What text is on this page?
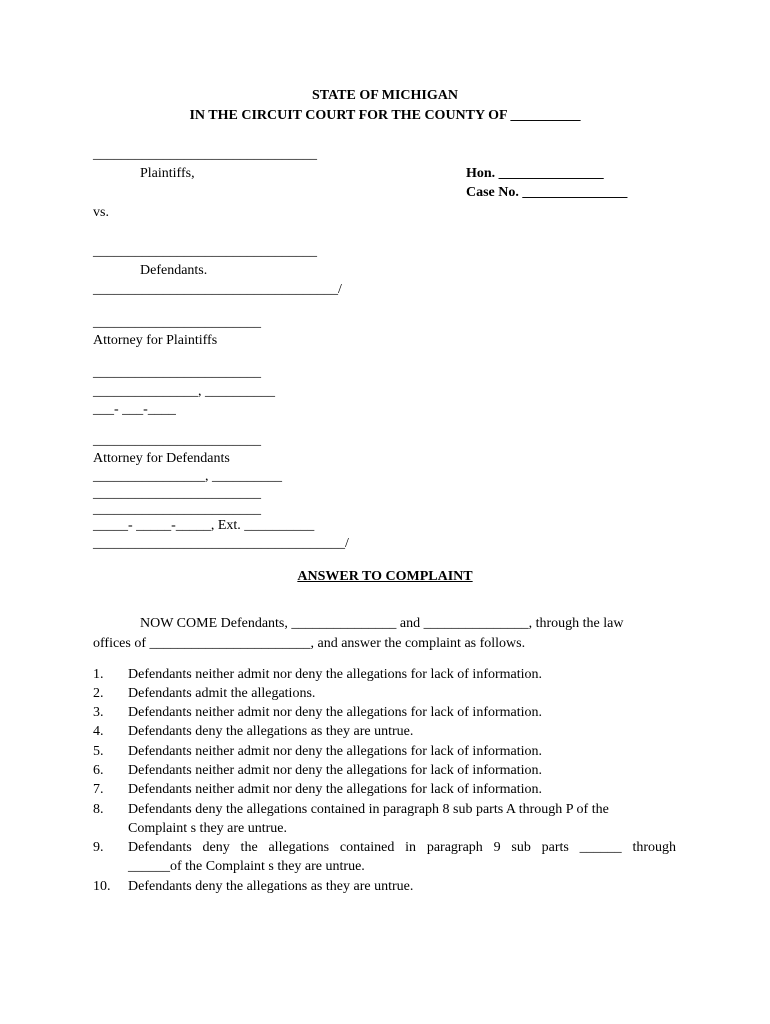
STATE OF MICHIGAN
IN THE CIRCUIT COURT FOR THE COUNTY OF __________
________________________________
Plaintiffs,	Hon. _______________
Case No. _______________
vs.
________________________________
Defendants.
___________________________________/
________________________
Attorney for Plaintiffs
________________________
_______________, __________
___- ___-____
________________________
Attorney for Defendants
________________, __________
________________________
________________________
_____- _____-_____, Ext. __________
____________________________________/
ANSWER TO COMPLAINT
NOW COME Defendants, _______________ and _______________, through the law
offices of _______________________, and answer the complaint as follows.
1. Defendants neither admit nor deny the allegations for lack of information.
2. Defendants admit the allegations.
3. Defendants neither admit nor deny the allegations for lack of information.
4. Defendants deny the allegations as they are untrue.
5. Defendants neither admit nor deny the allegations for lack of information.
6. Defendants neither admit nor deny the allegations for lack of information.
7. Defendants neither admit nor deny the allegations for lack of information.
8. Defendants deny the allegations contained in paragraph 8 sub parts A through P of the
Complaint s they are untrue.
9. Defendants deny the allegations contained in paragraph 9 sub parts ______ through
______of the Complaint s they are untrue.
10. Defendants deny the allegations as they are untrue.
